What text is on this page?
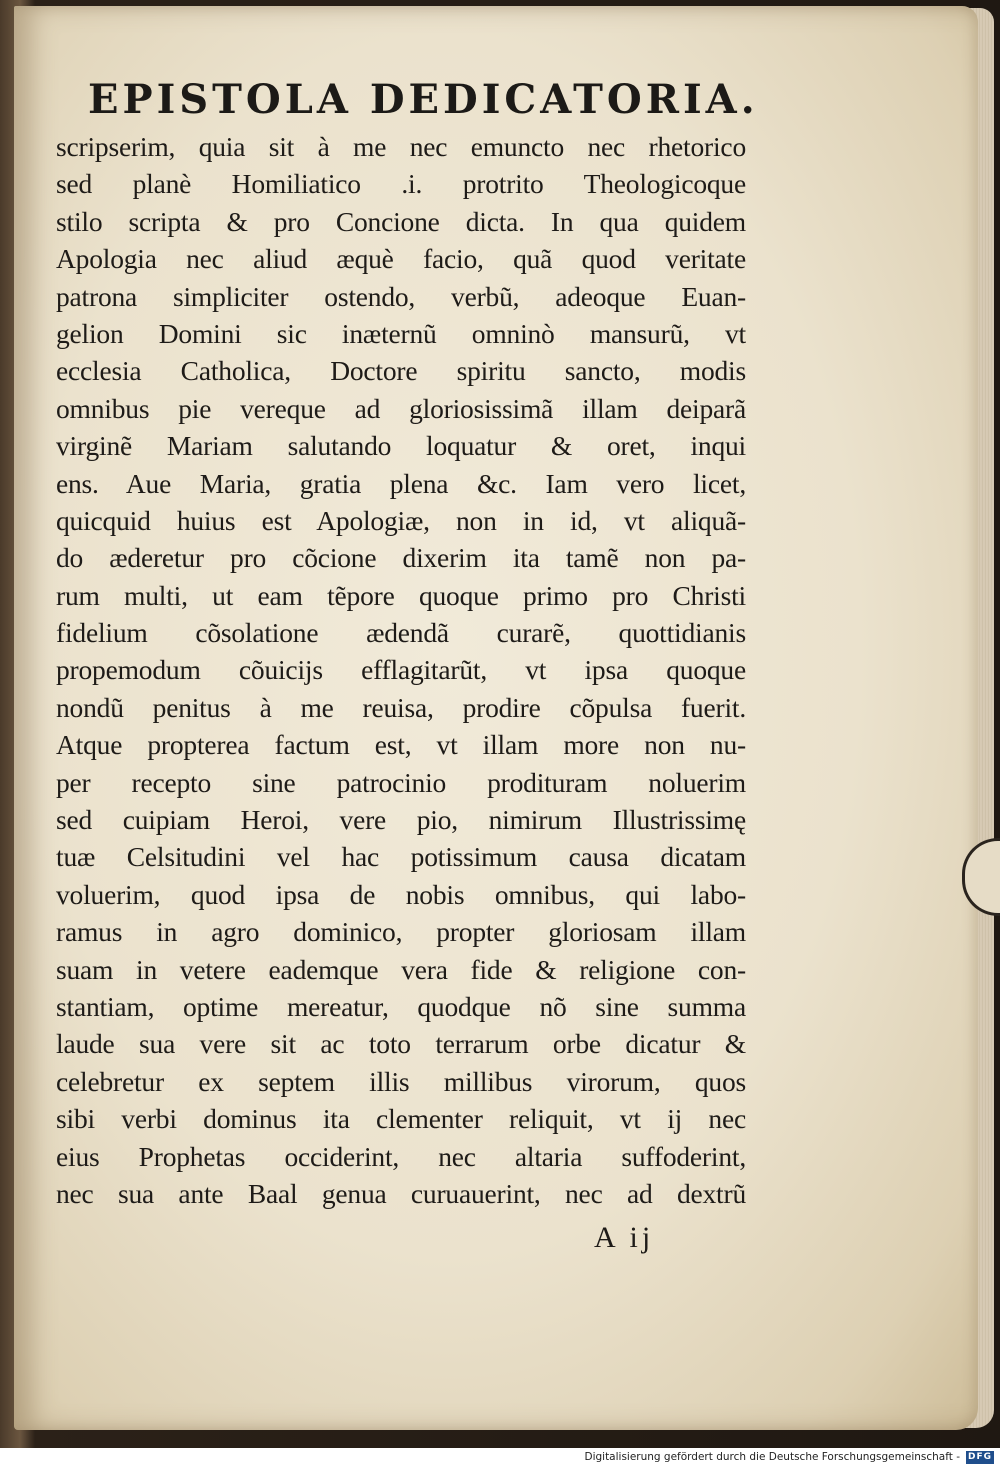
EPISTOLA DEDICATORIA.
scripserim, quia sit à me nec emuncto nec rhetorico
sed planè Homiliatico .i. protrito Theologicoque
stilo scripta & pro Concione dicta. In qua quidem
Apologia nec aliud æquè facio, quã quod veritate
patrona simpliciter ostendo, verbũ, adeoque Euan-
gelion Domini sic inæternũ omninò mansurũ, vt
ecclesia Catholica, Doctore spiritu sancto, modis
omnibus pie vereque ad gloriosissimã illam deiparã
virginẽ Mariam salutando loquatur & oret, inqui
ens. Aue Maria, gratia plena &c. Iam vero licet,
quicquid huius est Apologiæ, non in id, vt aliquã-
do æderetur pro cõcione dixerim ita tamẽ non pa-
rum multi, ut eam tẽpore quoque primo pro Christi
fidelium cõsolatione ædendã curarẽ, quottidianis
propemodum cõuicijs efflagitarũt, vt ipsa quoque
nondũ penitus à me reuisa, prodire cõpulsa fuerit.
Atque propterea factum est, vt illam more non nu-
per recepto sine patrocinio prodituram noluerim
sed cuipiam Heroi, vere pio, nimirum Illustrissimę
tuæ Celsitudini vel hac potissimum causa dicatam
voluerim, quod ipsa de nobis omnibus, qui labo-
ramus in agro dominico, propter gloriosam illam
suam in vetere eademque vera fide & religione con-
stantiam, optime mereatur, quodque nõ sine summa
laude sua vere sit ac toto terrarum orbe dicatur &
celebretur ex septem illis millibus virorum, quos
sibi verbi dominus ita clementer reliquit, vt ij nec
eius Prophetas occiderint, nec altaria suffoderint,
nec sua ante Baal genua curuauerint, nec ad dextrũ
A ij
Digitalisierung gefördert durch die Deutsche Forschungsgemeinschaft - DFG
